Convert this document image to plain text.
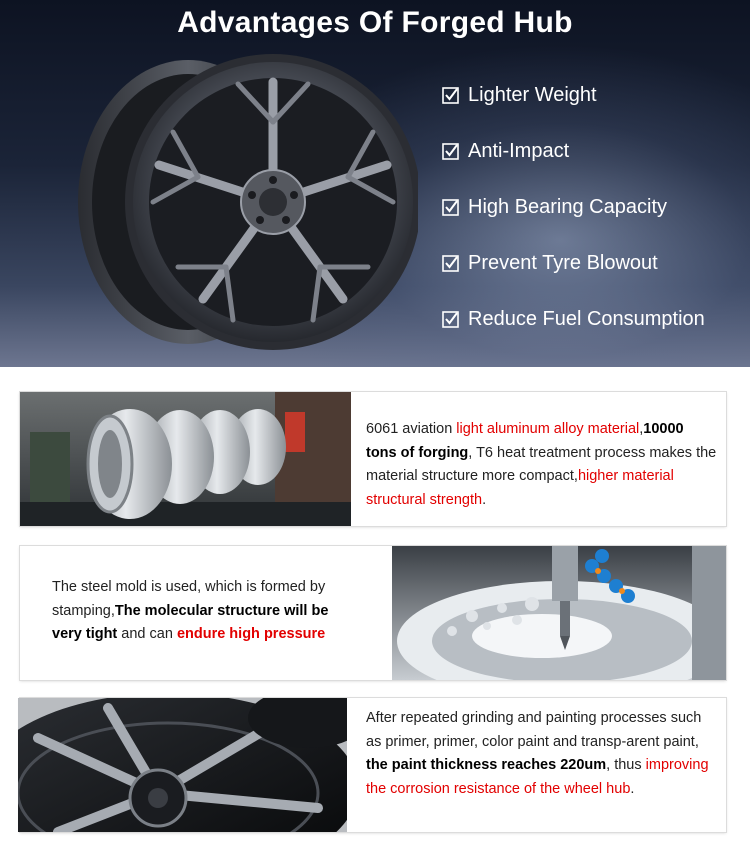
Advantages Of Forged Hub
Lighter Weight
Anti-Impact
High Bearing Capacity
Prevent Tyre Blowout
Reduce Fuel Consumption
6061 aviation light aluminum alloy material,10000 tons of forging, T6 heat treatment process makes the material structure more compact,higher material structural strength.
The steel mold is used, which is formed by stamping,The molecular structure will be very tight and can endure high pressure
After repeated grinding and painting processes such as primer, primer, color paint and transp-arent paint, the paint thickness reaches 220um, thus improving the corrosion resistance of the wheel hub.
